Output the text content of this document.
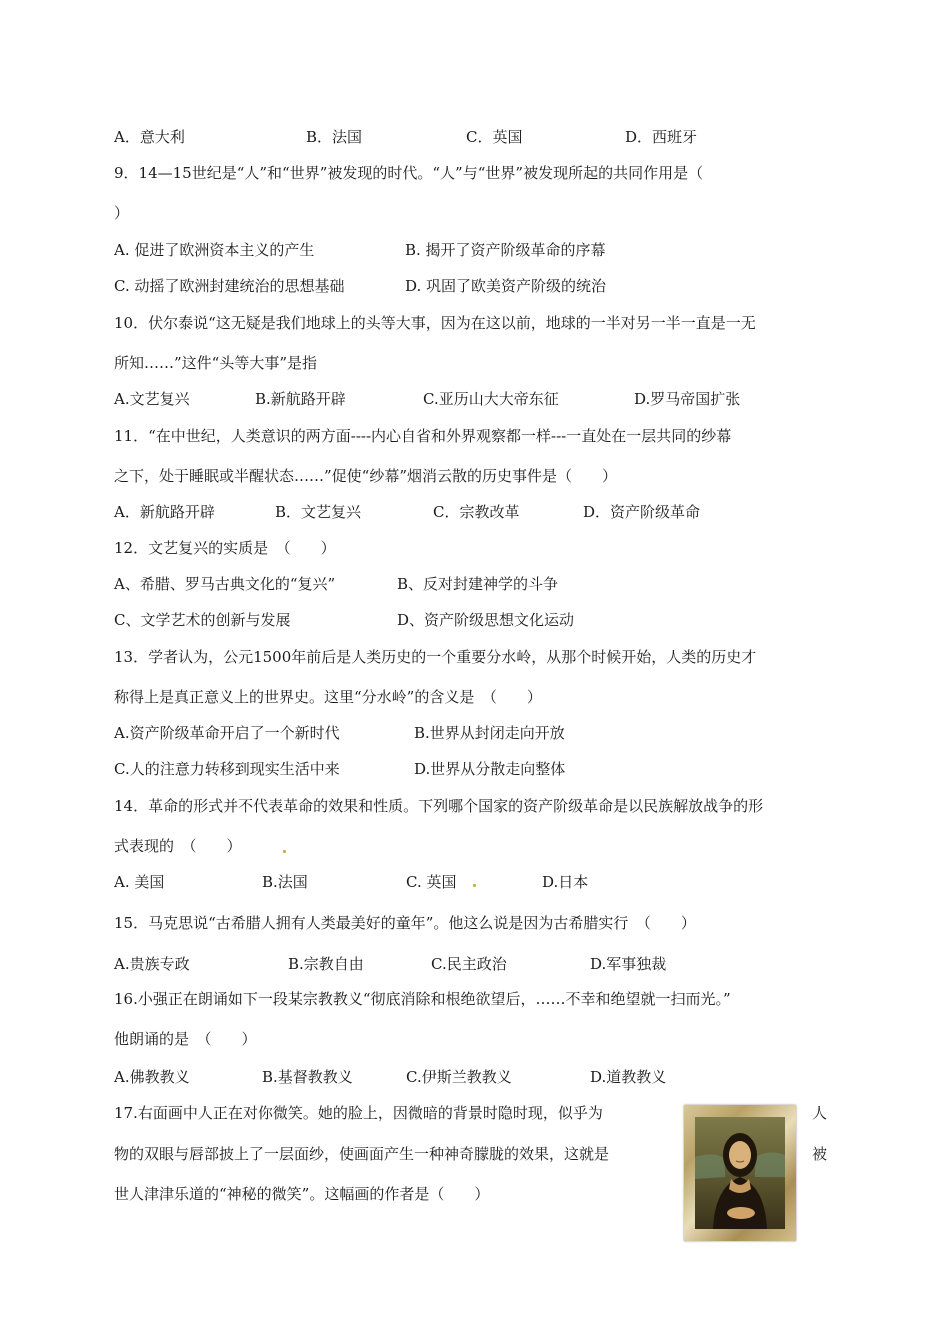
A．意大利	B．法国	C．英国	D．西班牙
9．14—15世纪是“人”和“世界”被发现的时代。“人”与“世界”被发现所起的共同作用是（
）
A. 促进了欧洲资本主义的产生	B. 揭开了资产阶级革命的序幕
C. 动摇了欧洲封建统治的思想基础	D. 巩固了欧美资产阶级的统治
10．伏尔泰说“这无疑是我们地球上的头等大事，因为在这以前，地球的一半对另一半一直是一无
所知……”这件“头等大事”是指
A.文艺复兴	B.新航路开辟	C.亚历山大大帝东征	D.罗马帝国扩张
11．“在中世纪，人类意识的两方面----内心自省和外界观察都一样---一直处在一层共同的纱幕
之下，处于睡眠或半醒状态……”促使“纱幕”烟消云散的历史事件是（　　）
A．新航路开辟	B．文艺复兴	C．宗教改革	D．资产阶级革命
12．文艺复兴的实质是　（　　）
A、希腊、罗马古典文化的“复兴”	B、反对封建神学的斗争
C、文学艺术的创新与发展	D、资产阶级思想文化运动
13．学者认为，公元1500年前后是人类历史的一个重要分水岭，从那个时候开始，人类的历史才
称得上是真正意义上的世界史。这里“分水岭”的含义是　（　　）
A.资产阶级革命开启了一个新时代	B.世界从封闭走向开放
C.人的注意力转移到现实生活中来	D.世界从分散走向整体
14．革命的形式并不代表革命的效果和性质。下列哪个国家的资产阶级革命是以民族解放战争的形
式表现的　（　　）
A. 美国	B.法国	C. 英国	D.日本
15．马克思说“古希腊人拥有人类最美好的童年”。他这么说是因为古希腊实行　（　　）
A.贵族专政	B.宗教自由	C.民主政治	D.军事独裁
16.小强正在朗诵如下一段某宗教教义“彻底消除和根绝欲望后，……不幸和绝望就一扫而光。”
他朗诵的是　（　　）
A.佛教教义	B.基督教教义	C.伊斯兰教教义	D.道教教义
17.右面画中人正在对你微笑。她的脸上，因微暗的背景时隐时现，似乎为	人
物的双眼与唇部披上了一层面纱，使画面产生一种神奇朦胧的效果，这就是	被
世人津津乐道的“神秘的微笑”。这幅画的作者是（　　）
